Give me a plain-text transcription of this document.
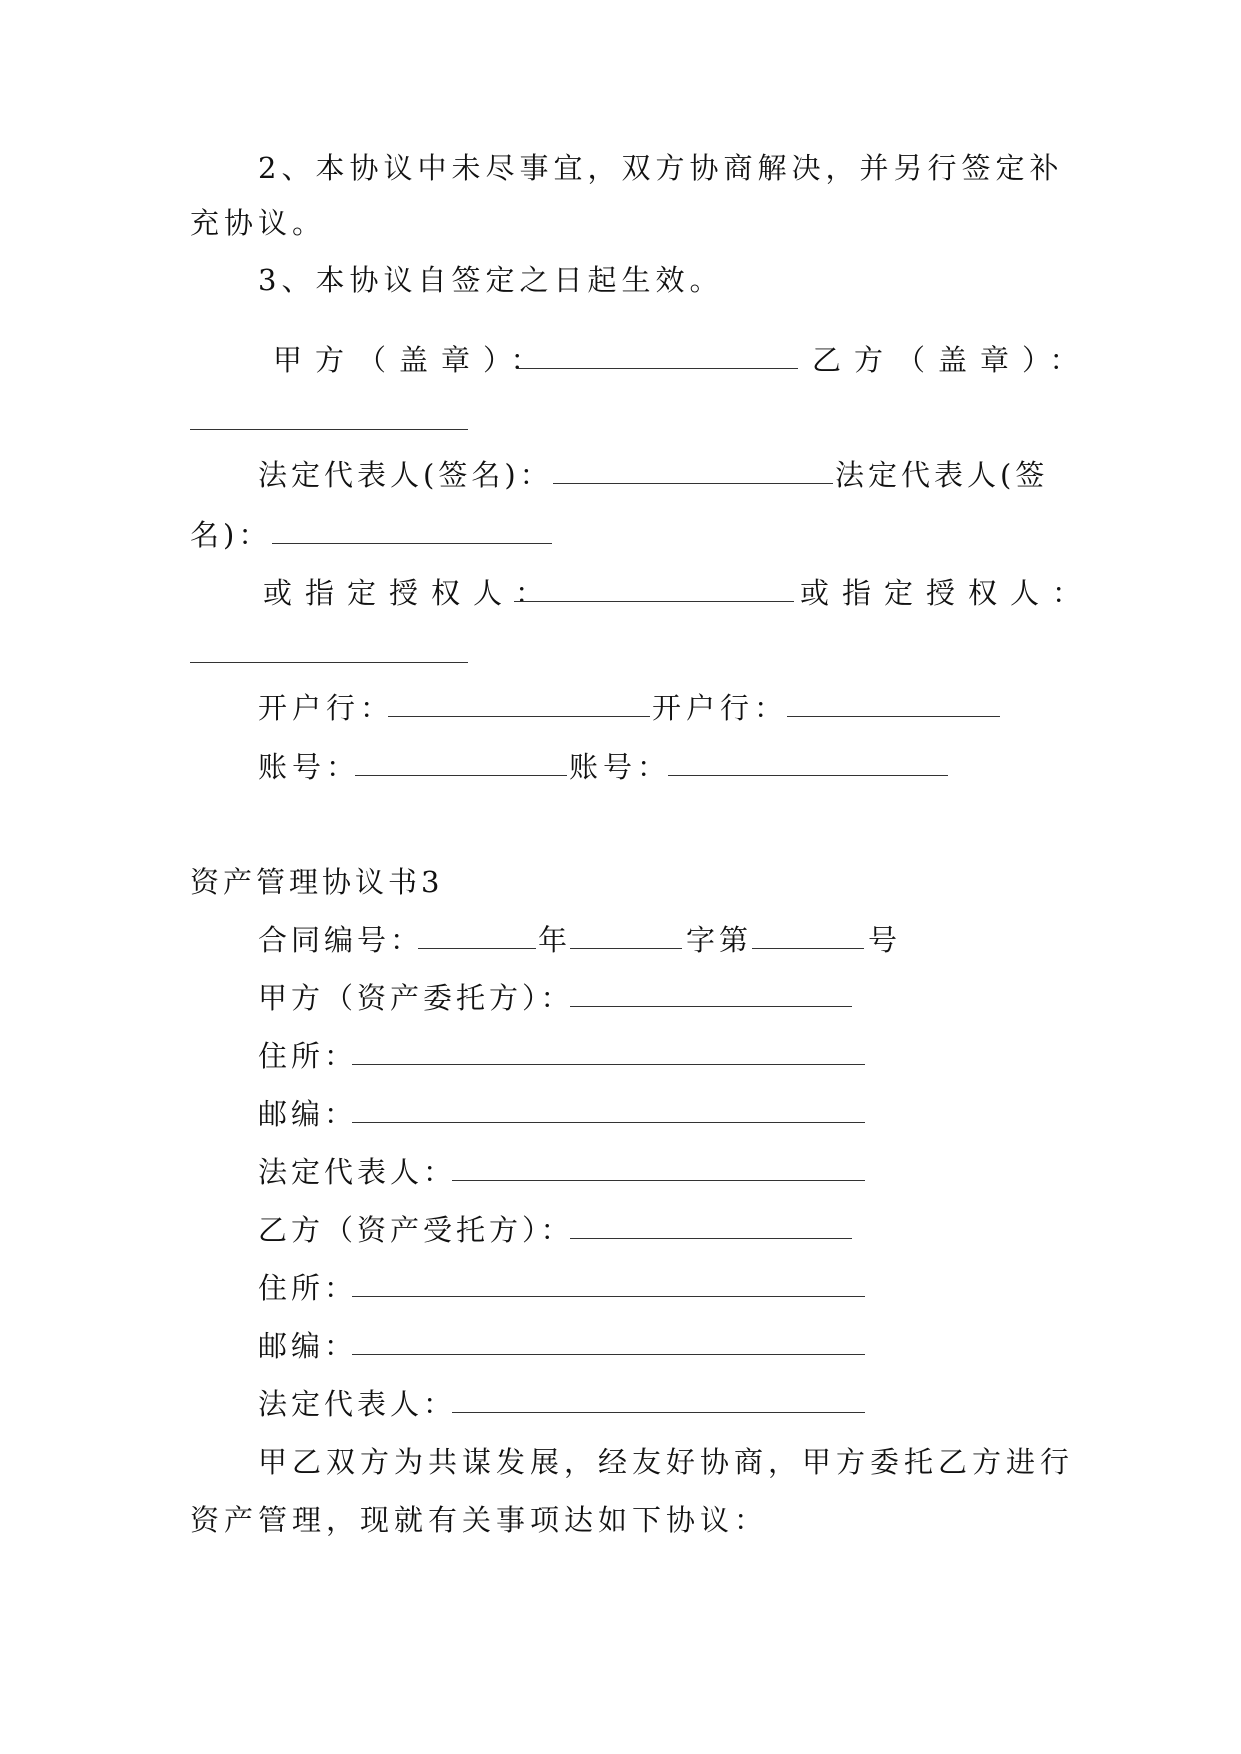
2、本协议中未尽事宜，双方协商解决，并另行签定补
充协议。
3、本协议自签定之日起生效。
甲方（盖章）：	乙方（盖章）：
法定代表人(签名)：	法定代表人(签
名)：
或指定授权人：	或指定授权人：
开户行：	开户行：
账号：	账号：
资产管理协议书3
合同编号：	年	字第	号
甲方（资产委托方）：
住所：
邮编：
法定代表人：
乙方（资产受托方）：
住所：
邮编：
法定代表人：
甲乙双方为共谋发展，经友好协商，甲方委托乙方进行
资产管理，现就有关事项达如下协议：
